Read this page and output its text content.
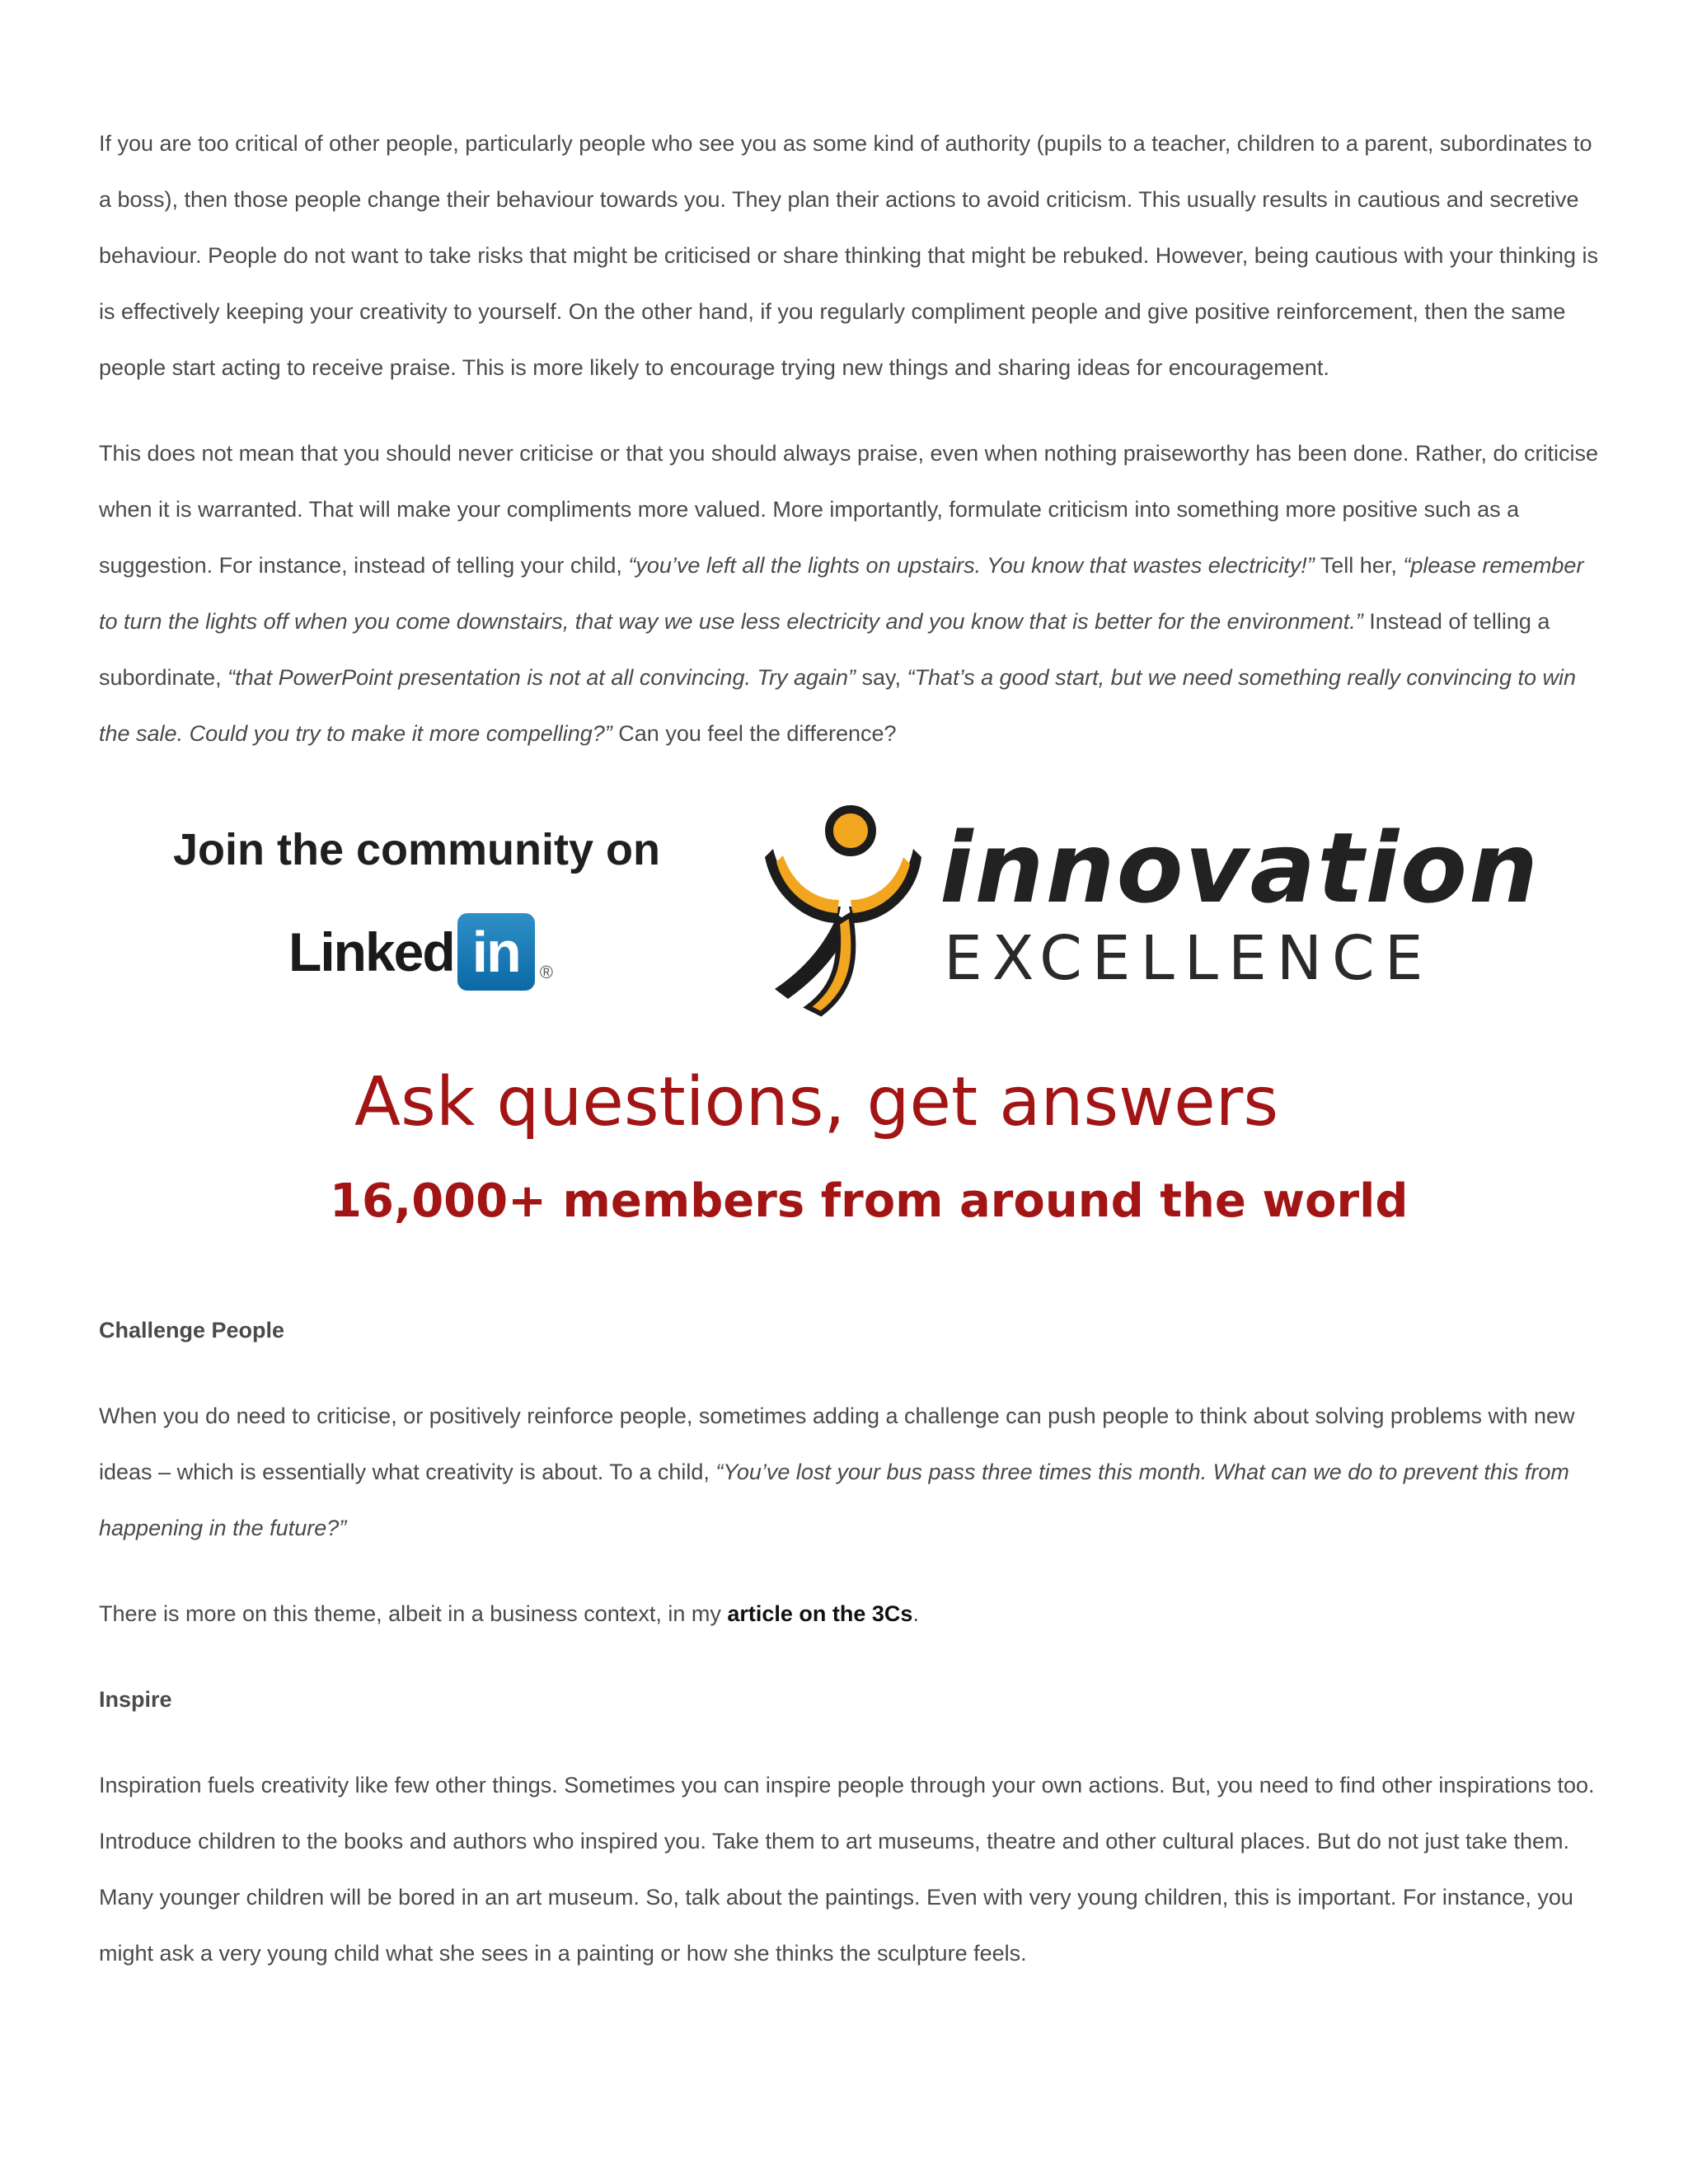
If you are too critical of other people, particularly people who see you as some kind of authority (pupils to a teacher, children to a parent, subordinates to a boss), then those people change their behaviour towards you. They plan their actions to avoid criticism. This usually results in cautious and secretive behaviour. People do not want to take risks that might be criticised or share thinking that might be rebuked. However, being cautious with your thinking is is effectively keeping your creativity to yourself. On the other hand, if you regularly compliment people and give positive reinforcement, then the same people start acting to receive praise. This is more likely to encourage trying new things and sharing ideas for encouragement.

This does not mean that you should never criticise or that you should always praise, even when nothing praiseworthy has been done. Rather, do criticise when it is warranted. That will make your compliments more valued. More importantly, formulate criticism into something more positive such as a suggestion. For instance, instead of telling your child, “you’ve left all the lights on upstairs. You know that wastes electricity!” Tell her, “please remember to turn the lights off when you come downstairs, that way we use less electricity and you know that is better for the environment.” Instead of telling a subordinate, “that PowerPoint presentation is not at all convincing. Try again” say, “That’s a good start, but we need something really convincing to win the sale. Could you try to make it more compelling?” Can you feel the difference?

Join the community on
Linked in	®
innovation
EXCELLENCE
Ask questions, get answers
16,000+ members from around the world
Challenge People

When you do need to criticise, or positively reinforce people, sometimes adding a challenge can push people to think about solving problems with new ideas – which is essentially what creativity is about. To a child, “You’ve lost your bus pass three times this month. What can we do to prevent this from happening in the future?”

There is more on this theme, albeit in a business context, in my article on the 3Cs.

Inspire

Inspiration fuels creativity like few other things. Sometimes you can inspire people through your own actions. But, you need to find other inspirations too. Introduce children to the books and authors who inspired you. Take them to art museums, theatre and other cultural places. But do not just take them. Many younger children will be bored in an art museum. So, talk about the paintings. Even with very young children, this is important. For instance, you might ask a very young child what she sees in a painting or how she thinks the sculpture feels.
